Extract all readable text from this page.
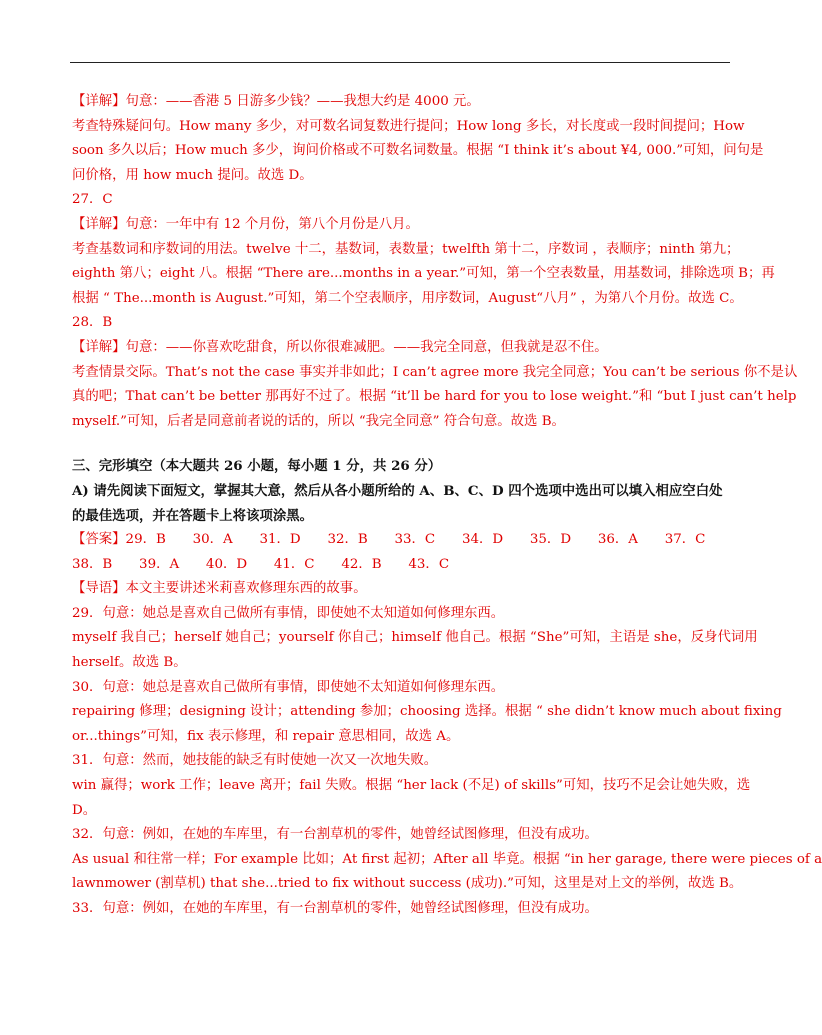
【详解】句意：——香港 5 日游多少钱？——我想大约是 4000 元。
考查特殊疑问句。How many 多少，对可数名词复数进行提问；How long 多长，对长度或一段时间提问；How
soon 多久以后；How much 多少，询问价格或不可数名词数量。根据 “I think it’s about ¥4, 000.”可知，问句是
问价格，用 how much 提问。故选 D。
27．C
【详解】句意：一年中有 12 个月份，第八个月份是八月。
考查基数词和序数词的用法。twelve 十二，基数词，表数量；twelfth 第十二，序数词 ，表顺序；ninth 第九；
eighth 第八；eight 八。根据 “There are...months in a year.”可知，第一个空表数量，用基数词，排除选项 B；再
根据 “ The...month is August.”可知，第二个空表顺序，用序数词，August“八月” ，为第八个月份。故选 C。
28．B
【详解】句意：——你喜欢吃甜食，所以你很难减肥。——我完全同意，但我就是忍不住。
考查情景交际。That’s not the case 事实并非如此；I can’t agree more 我完全同意；You can’t be serious 你不是认
真的吧；That can’t be better 那再好不过了。根据 “it’ll be hard for you to lose weight.”和 “but I just can’t help
myself.”可知，后者是同意前者说的话的，所以 “我完全同意” 符合句意。故选 B。
三、完形填空（本大题共 26 小题，每小题 1 分，共 26 分）
A) 请先阅读下面短文，掌握其大意，然后从各小题所给的 A、B、C、D 四个选项中选出可以填入相应空白处
的最佳选项，并在答题卡上将该项涂黑。
【答案】29．B　　30．A　　31．D　　32．B　　33．C　　34．D　　35．D　　36．A　　37．C
38．B　　39．A　　40．D　　41．C　　42．B　　43．C
【导语】本文主要讲述米莉喜欢修理东西的故事。
29．句意：她总是喜欢自己做所有事情，即使她不太知道如何修理东西。
myself 我自己；herself 她自己；yourself 你自己；himself 他自己。根据 “She”可知，主语是 she，反身代词用
herself。故选 B。
30．句意：她总是喜欢自己做所有事情，即使她不太知道如何修理东西。
repairing 修理；designing 设计；attending 参加；choosing 选择。根据 “ she didn’t know much about fixing
or...things”可知，fix 表示修理，和 repair 意思相同，故选 A。
31．句意：然而，她技能的缺乏有时使她一次又一次地失败。
win 赢得；work 工作；leave 离开；fail 失败。根据 “her lack (不足) of skills”可知，技巧不足会让她失败，选
D。
32．句意：例如，在她的车库里，有一台割草机的零件，她曾经试图修理，但没有成功。
As usual 和往常一样；For example 比如；At first 起初；After all 毕竟。根据 “in her garage, there were pieces of a
lawnmower (割草机) that she...tried to fix without success (成功).”可知，这里是对上文的举例，故选 B。
33．句意：例如，在她的车库里，有一台割草机的零件，她曾经试图修理，但没有成功。
